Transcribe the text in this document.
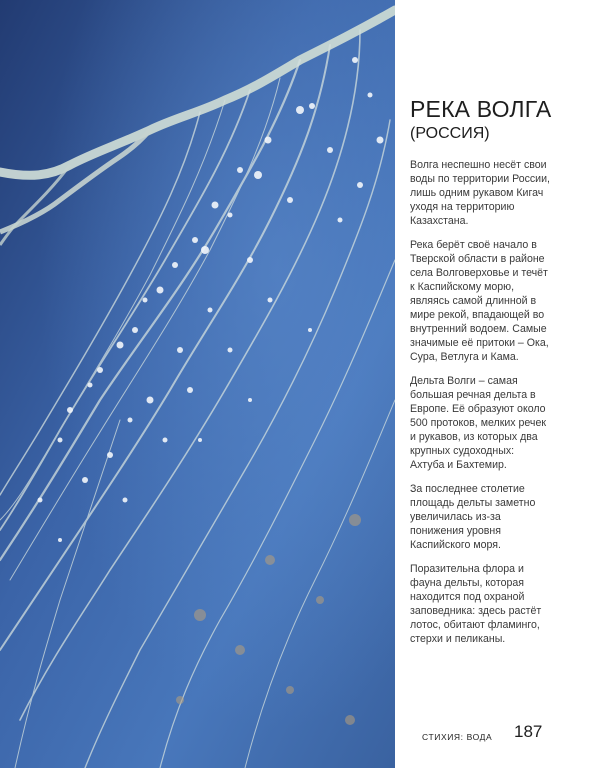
РЕКА ВОЛГА
(РОССИЯ)

Волга неспешно несёт свои воды по территории России, лишь одним рукавом Кигач уходя на территорию Казахстана.

Река берёт своё начало в Тверской области в районе села Волговерховье и течёт к Каспийскому морю, являясь самой длинной в мире рекой, впадающей во внутренний водоем. Самые значимые её притоки – Ока, Сура, Ветлуга и Кама.

Дельта Волги – самая большая речная дельта в Европе. Её образуют около 500 протоков, мелких речек и рукавов, из которых два крупных судоходных: Ахтуба и Бахтемир.

За последнее столетие площадь дельты заметно увеличилась из-за понижения уровня Каспийского моря.

Поразительна флора и фауна дельты, которая находится под охраной заповедника: здесь растёт лотос, обитают фламинго, стерхи и пеликаны.

СТИХИЯ: ВОДА 187
